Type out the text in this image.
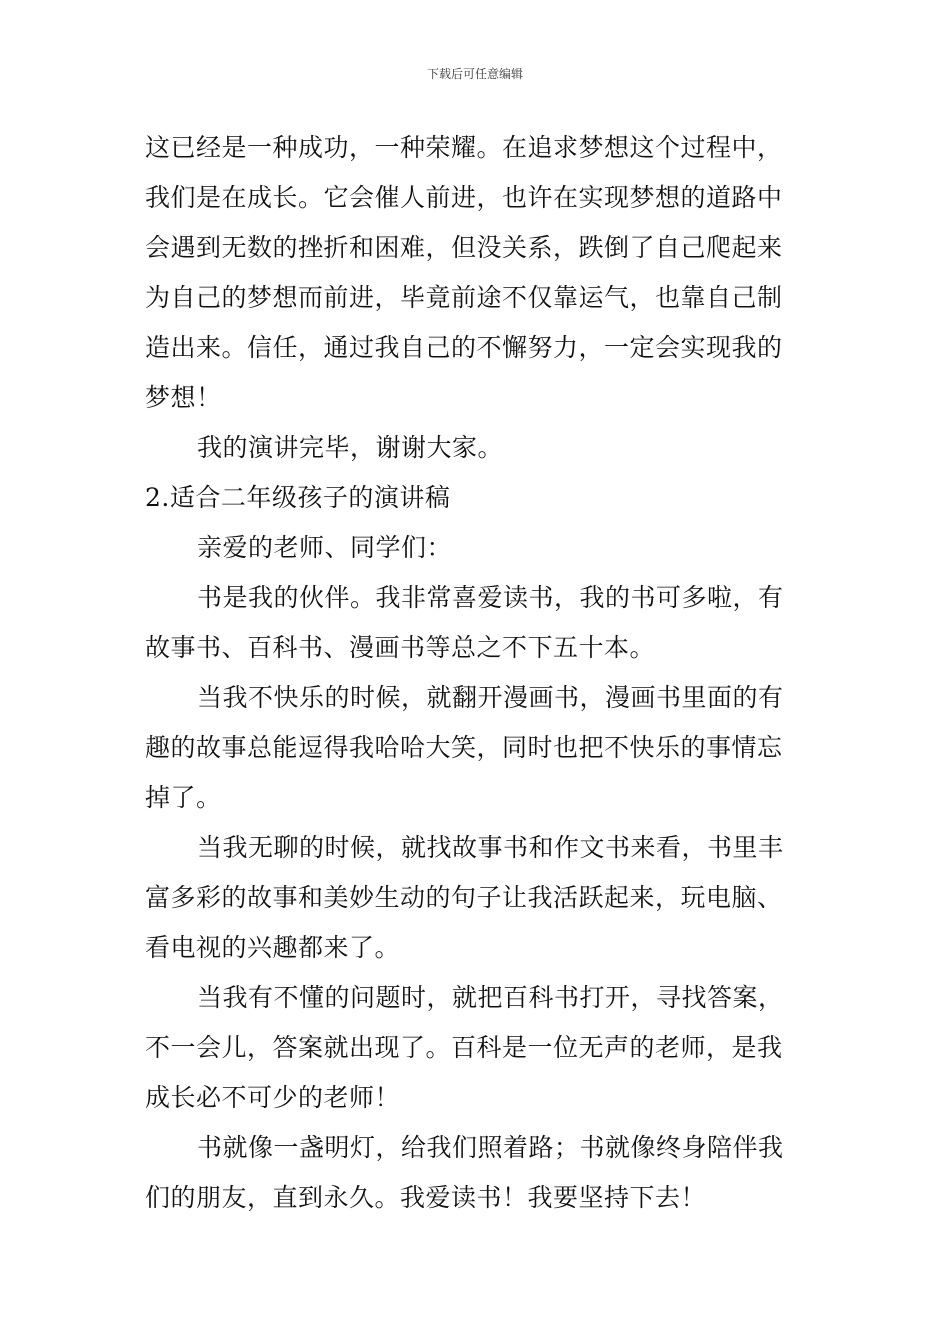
下载后可任意编辑
这已经是一种成功，一种荣耀。在追求梦想这个过程中，
我们是在成长。它会催人前进，也许在实现梦想的道路中
会遇到无数的挫折和困难，但没关系，跌倒了自己爬起来
为自己的梦想而前进，毕竟前途不仅靠运气，也靠自己制
造出来。信任，通过我自己的不懈努力，一定会实现我的
梦想！
我的演讲完毕，谢谢大家。
2.适合二年级孩子的演讲稿
亲爱的老师、同学们：
书是我的伙伴。我非常喜爱读书，我的书可多啦，有
故事书、百科书、漫画书等总之不下五十本。
当我不快乐的时候，就翻开漫画书，漫画书里面的有
趣的故事总能逗得我哈哈大笑，同时也把不快乐的事情忘
掉了。
当我无聊的时候，就找故事书和作文书来看，书里丰
富多彩的故事和美妙生动的句子让我活跃起来，玩电脑、
看电视的兴趣都来了。
当我有不懂的问题时，就把百科书打开，寻找答案，
不一会儿，答案就出现了。百科是一位无声的老师，是我
成长必不可少的老师！
书就像一盏明灯，给我们照着路；书就像终身陪伴我
们的朋友，直到永久。我爱读书！我要坚持下去！
